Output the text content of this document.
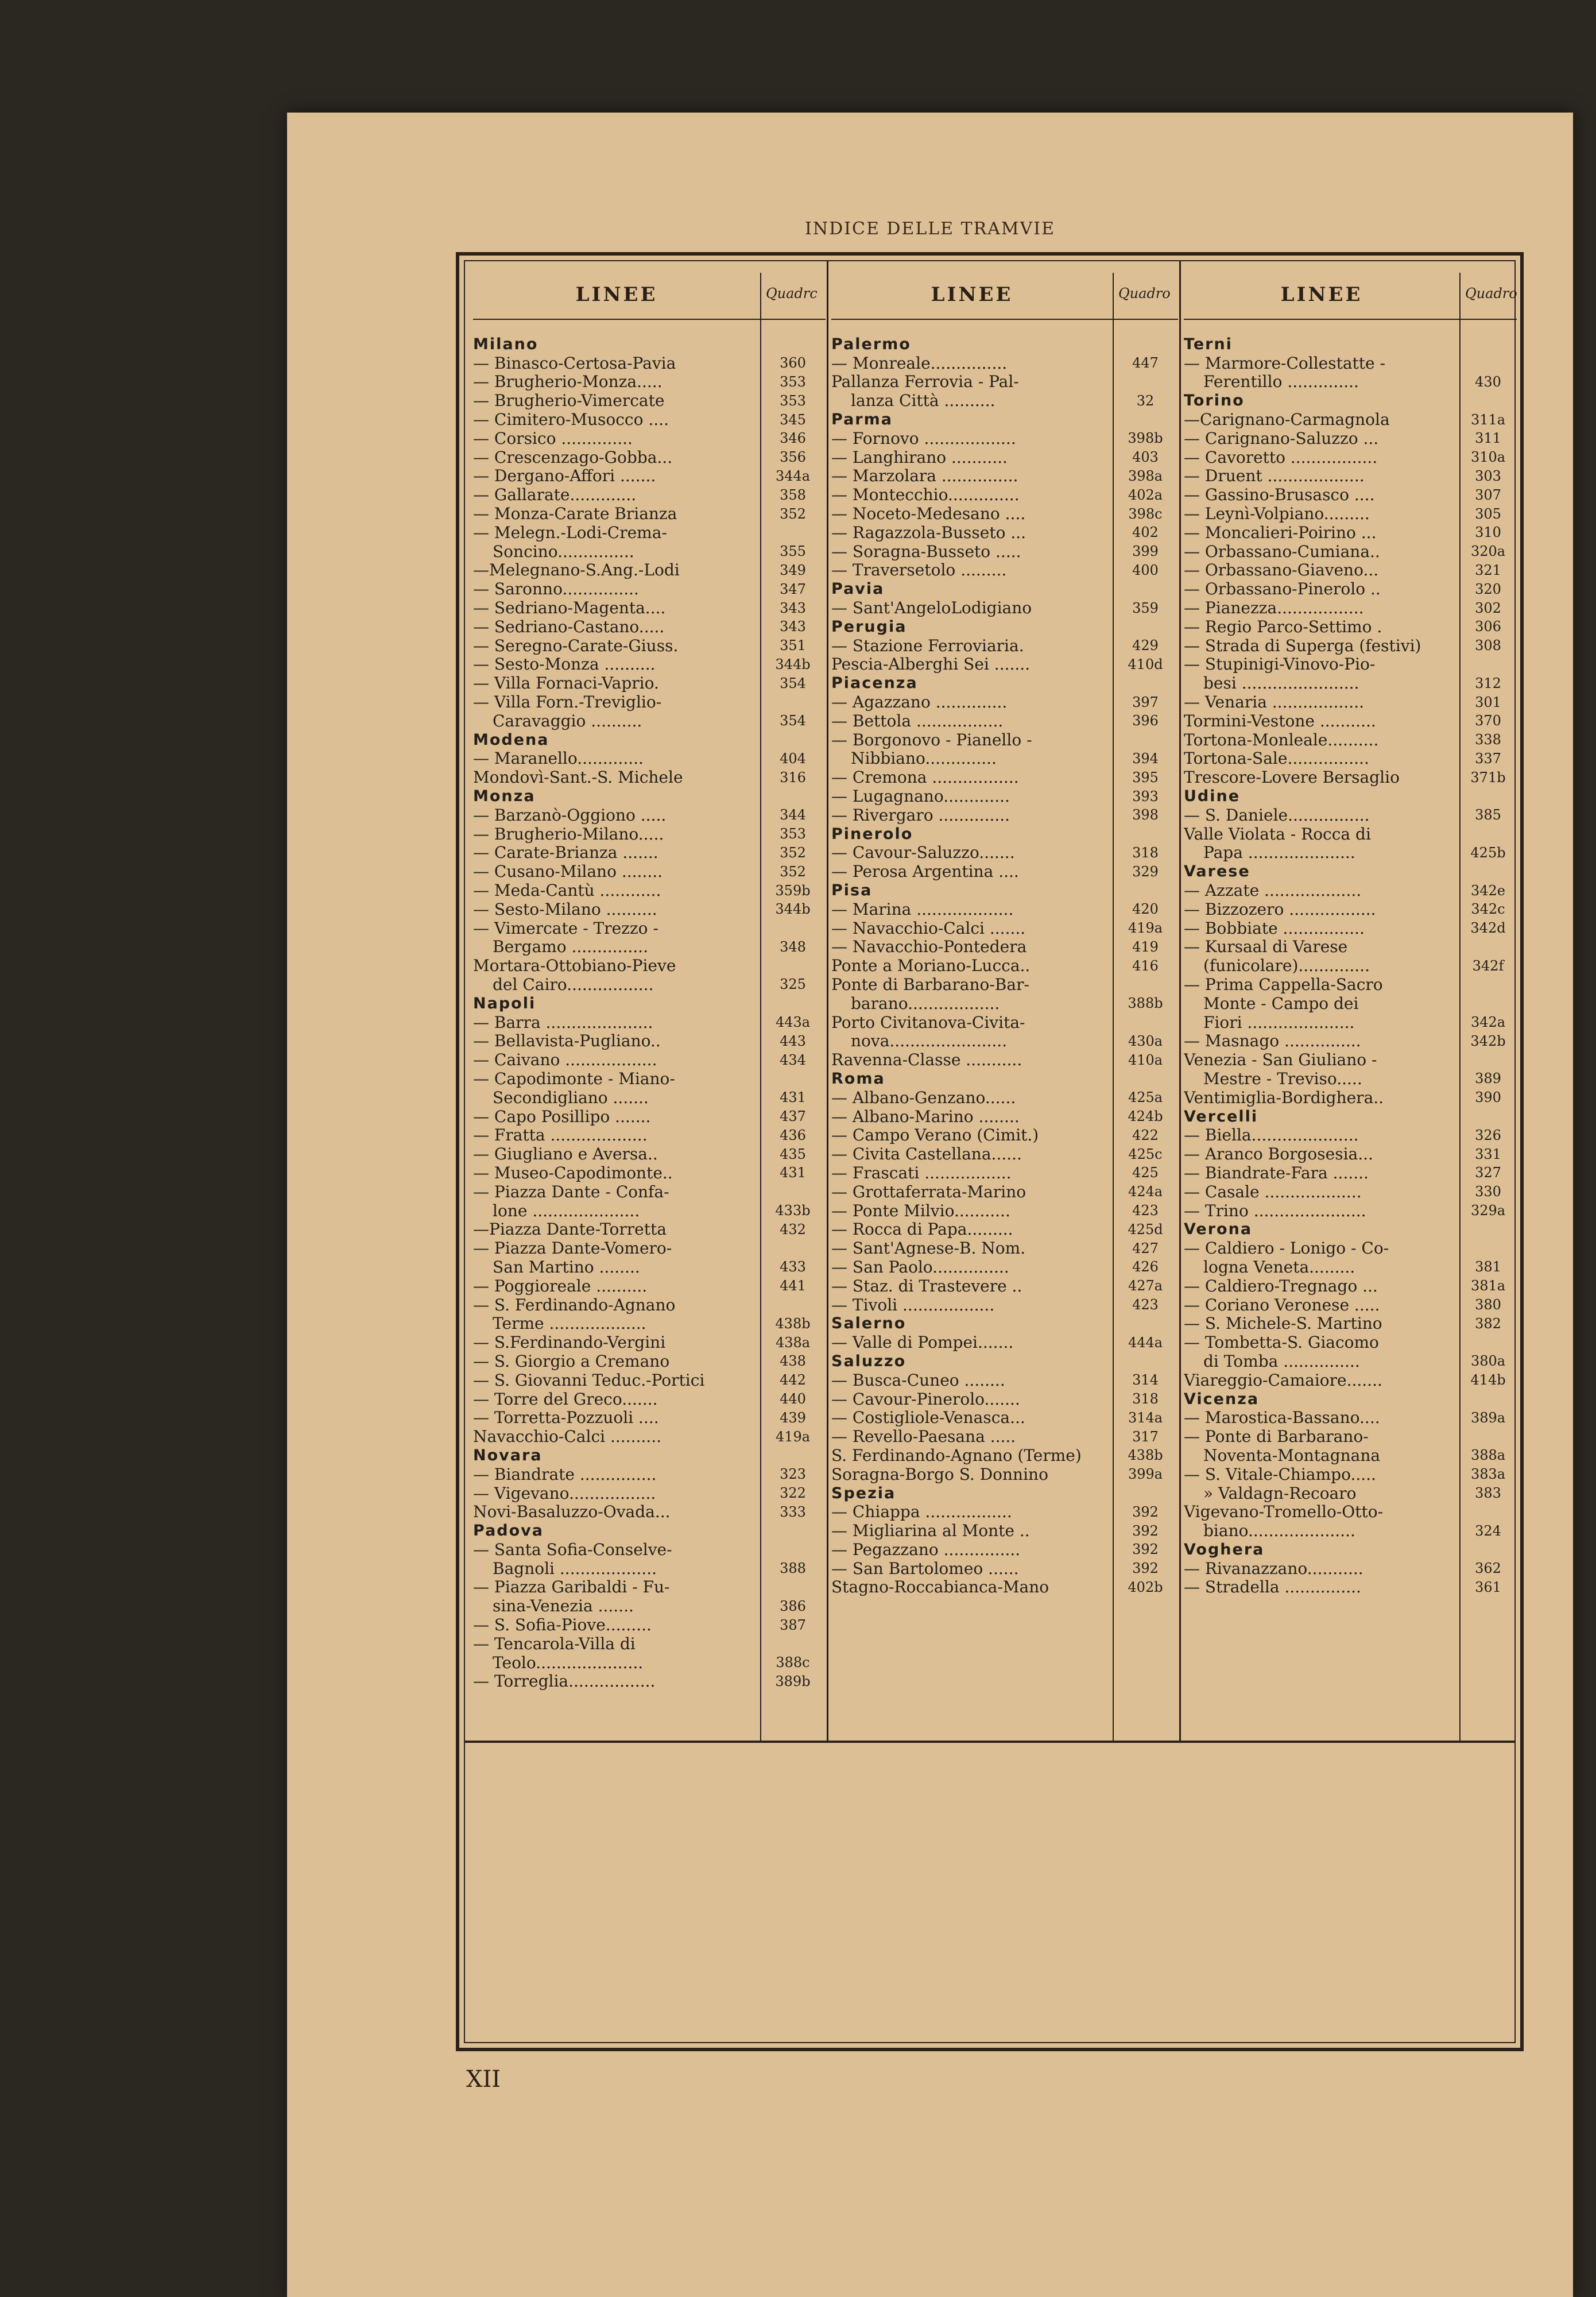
INDICE DELLE TRAMVIE
LINEE	Quadrc
Milano
— Binasco-Certosa-Pavia	360
— Brugherio-Monza.....	353
— Brugherio-Vimercate	353
— Cimitero-Musocco ....	345
— Corsico ..............	346
— Crescenzago-Gobba...	356
— Dergano-Affori .......	344a
— Gallarate.............	358
— Monza-Carate Brianza	352
— Melegn.-Lodi-Crema-
Soncino...............	355
—Melegnano-S.Ang.-Lodi	349
— Saronno...............	347
— Sedriano-Magenta....	343
— Sedriano-Castano.....	343
— Seregno-Carate-Giuss.	351
— Sesto-Monza ..........	344b
— Villa Fornaci-Vaprio.	354
— Villa Forn.-Treviglio-
Caravaggio ..........	354
Modena
— Maranello.............	404
Mondovì-Sant.-S. Michele	316
Monza
— Barzanò-Oggiono .....	344
— Brugherio-Milano.....	353
— Carate-Brianza .......	352
— Cusano-Milano ........	352
— Meda-Cantù ............	359b
— Sesto-Milano ..........	344b
— Vimercate - Trezzo -
Bergamo ...............	348
Mortara-Ottobiano-Pieve
del Cairo.................	325
Napoli
— Barra .....................	443a
— Bellavista-Pugliano..	443
— Caivano ..................	434
— Capodimonte - Miano-
Secondigliano .......	431
— Capo Posillipo .......	437
— Fratta ...................	436
— Giugliano e Aversa..	435
— Museo-Capodimonte..	431
— Piazza Dante - Confa-
lone .....................	433b
—Piazza Dante-Torretta	432
— Piazza Dante-Vomero-
San Martino ........	433
— Poggioreale ..........	441
— S. Ferdinando-Agnano
Terme ...................	438b
— S.Ferdinando-Vergini	438a
— S. Giorgio a Cremano	438
— S. Giovanni Teduc.-Portici	442
— Torre del Greco.......	440
— Torretta-Pozzuoli ....	439
Navacchio-Calci ..........	419a
Novara
— Biandrate ...............	323
— Vigevano.................	322
Novi-Basaluzzo-Ovada...	333
Padova
— Santa Sofia-Conselve-
Bagnoli ...................	388
— Piazza Garibaldi - Fu-
sina-Venezia .......	386
— S. Sofia-Piove.........	387
— Tencarola-Villa di
Teolo.....................	388c
— Torreglia.................	389b
LINEE	Quadro
Palermo
— Monreale...............	447
Pallanza Ferrovia - Pal-
lanza Città ..........	32
Parma
— Fornovo ..................	398b
— Langhirano ...........	403
— Marzolara ...............	398a
— Montecchio..............	402a
— Noceto-Medesano ....	398c
— Ragazzola-Busseto ...	402
— Soragna-Busseto .....	399
— Traversetolo .........	400
Pavia
— Sant'AngeloLodigiano	359
Perugia
— Stazione Ferroviaria.	429
Pescia-Alberghi Sei .......	410d
Piacenza
— Agazzano ..............	397
— Bettola .................	396
— Borgonovo - Pianello -
Nibbiano..............	394
— Cremona .................	395
— Lugagnano.............	393
— Rivergaro ..............	398
Pinerolo
— Cavour-Saluzzo.......	318
— Perosa Argentina ....	329
Pisa
— Marina ...................	420
— Navacchio-Calci .......	419a
— Navacchio-Pontedera	419
Ponte a Moriano-Lucca..	416
Ponte di Barbarano-Bar-
barano..................	388b
Porto Civitanova-Civita-
nova.......................	430a
Ravenna-Classe ...........	410a
Roma
— Albano-Genzano......	425a
— Albano-Marino ........	424b
— Campo Verano (Cimit.)	422
— Civita Castellana......	425c
— Frascati .................	425
— Grottaferrata-Marino	424a
— Ponte Milvio...........	423
— Rocca di Papa.........	425d
— Sant'Agnese-B. Nom.	427
— San Paolo...............	426
— Staz. di Trastevere ..	427a
— Tivoli ..................	423
Salerno
— Valle di Pompei.......	444a
Saluzzo
— Busca-Cuneo ........	314
— Cavour-Pinerolo.......	318
— Costigliole-Venasca...	314a
— Revello-Paesana .....	317
S. Ferdinando-Agnano (Terme)	438b
Soragna-Borgo S. Donnino	399a
Spezia
— Chiappa .................	392
— Migliarina al Monte ..	392
— Pegazzano ...............	392
— San Bartolomeo ......	392
Stagno-Roccabianca-Mano	402b
LINEE	Quadro
Terni
— Marmore-Collestatte -
Ferentillo ..............	430
Torino
—Carignano-Carmagnola	311a
— Carignano-Saluzzo ...	311
— Cavoretto .................	310a
— Druent ...................	303
— Gassino-Brusasco ....	307
— Leynì-Volpiano.........	305
— Moncalieri-Poirino ...	310
— Orbassano-Cumiana..	320a
— Orbassano-Giaveno...	321
— Orbassano-Pinerolo ..	320
— Pianezza.................	302
— Regio Parco-Settimo .	306
— Strada di Superga (festivi)	308
— Stupinigi-Vinovo-Pio-
besi .......................	312
— Venaria ..................	301
Tormini-Vestone ...........	370
Tortona-Monleale..........	338
Tortona-Sale................	337
Trescore-Lovere Bersaglio	371b
Udine
— S. Daniele................	385
Valle Violata - Rocca di
Papa .....................	425b
Varese
— Azzate ...................	342e
— Bizzozero .................	342c
— Bobbiate ................	342d
— Kursaal di Varese
(funicolare)..............	342f
— Prima Cappella-Sacro
Monte - Campo dei
Fiori .....................	342a
— Masnago ...............	342b
Venezia - San Giuliano -
Mestre - Treviso.....	389
Ventimiglia-Bordighera..	390
Vercelli
— Biella.....................	326
— Aranco Borgosesia...	331
— Biandrate-Fara .......	327
— Casale ...................	330
— Trino ......................	329a
Verona
— Caldiero - Lonigo - Co-
logna Veneta.........	381
— Caldiero-Tregnago ...	381a
— Coriano Veronese .....	380
— S. Michele-S. Martino	382
— Tombetta-S. Giacomo
di Tomba ...............	380a
Viareggio-Camaiore.......	414b
Vicenza
— Marostica-Bassano....	389a
— Ponte di Barbarano-
Noventa-Montagnana	388a
— S. Vitale-Chiampo.....	383a
» Valdagn-Recoaro	383
Vigevano-Tromello-Otto-
biano.....................	324
Voghera
— Rivanazzano...........	362
— Stradella ...............	361
XII
